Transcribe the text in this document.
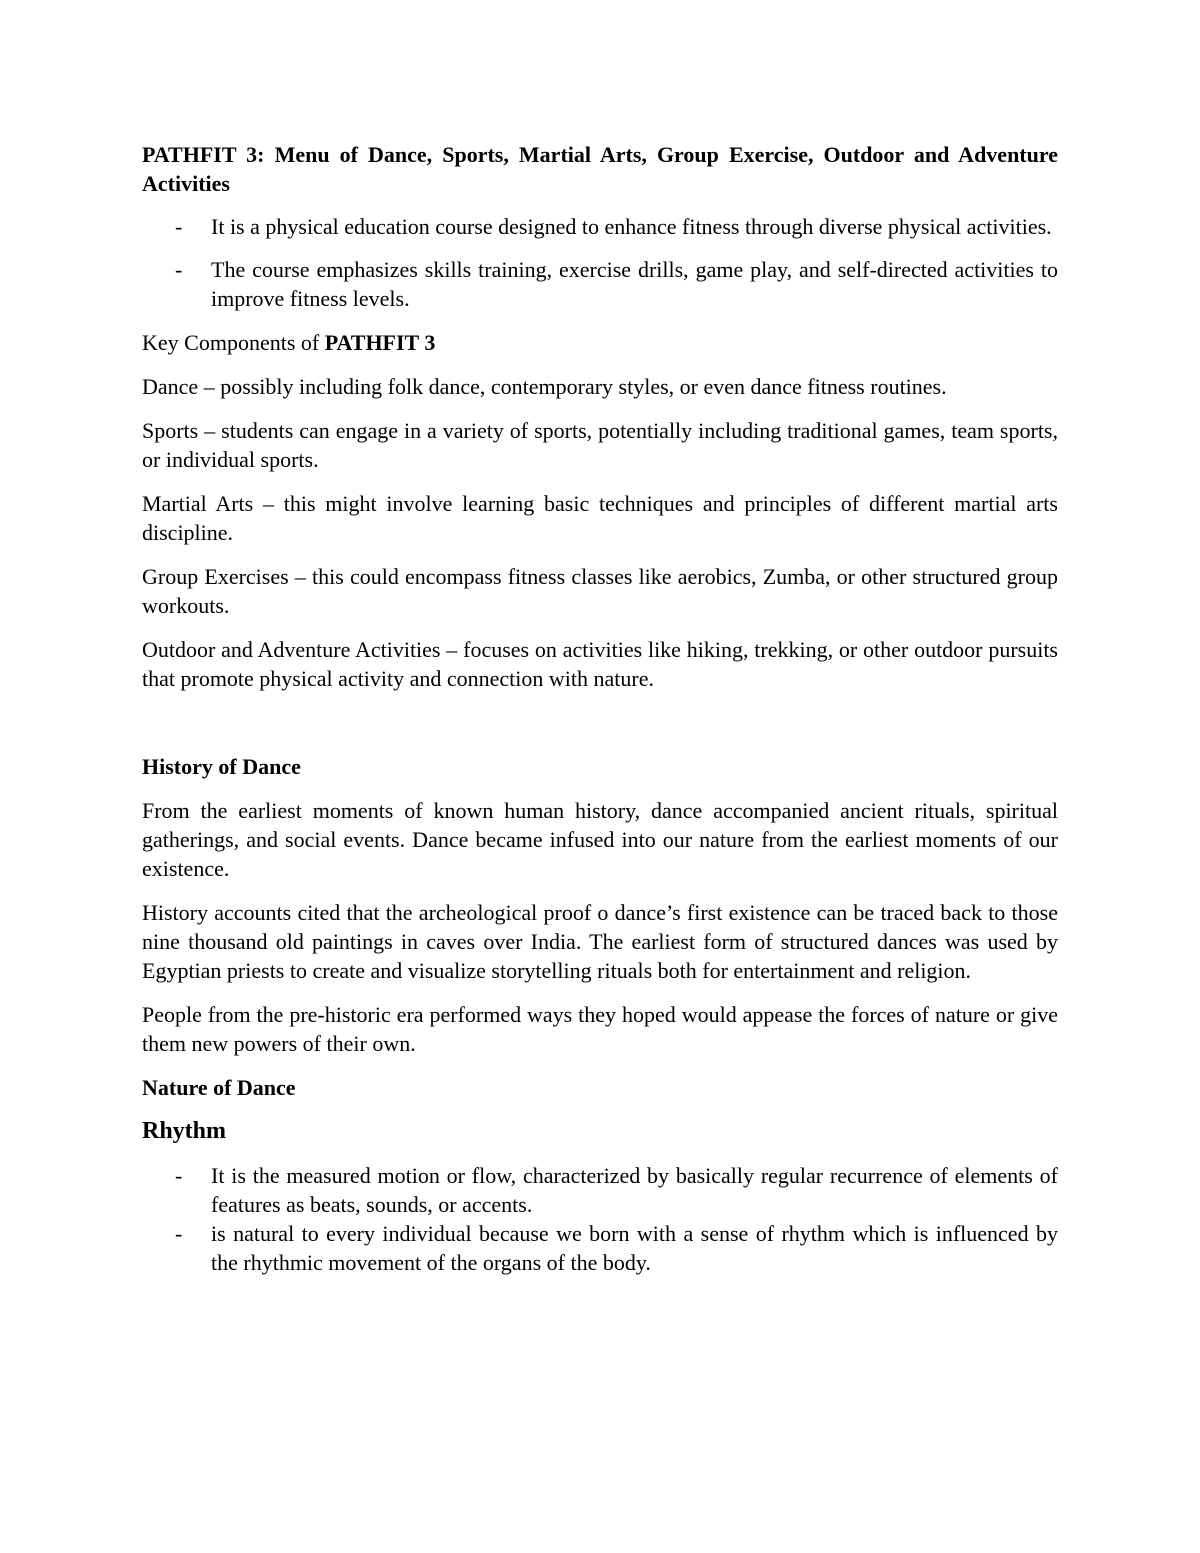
PATHFIT 3: Menu of Dance, Sports, Martial Arts, Group Exercise, Outdoor and Adventure Activities

- It is a physical education course designed to enhance fitness through diverse physical activities.
- The course emphasizes skills training, exercise drills, game play, and self-directed activities to improve fitness levels.

Key Components of PATHFIT 3

Dance – possibly including folk dance, contemporary styles, or even dance fitness routines.

Sports – students can engage in a variety of sports, potentially including traditional games, team sports, or individual sports.

Martial Arts – this might involve learning basic techniques and principles of different martial arts discipline.

Group Exercises – this could encompass fitness classes like aerobics, Zumba, or other structured group workouts.

Outdoor and Adventure Activities – focuses on activities like hiking, trekking, or other outdoor pursuits that promote physical activity and connection with nature.

History of Dance

From the earliest moments of known human history, dance accompanied ancient rituals, spiritual gatherings, and social events. Dance became infused into our nature from the earliest moments of our existence.

History accounts cited that the archeological proof o dance’s first existence can be traced back to those nine thousand old paintings in caves over India. The earliest form of structured dances was used by Egyptian priests to create and visualize storytelling rituals both for entertainment and religion.

People from the pre-historic era performed ways they hoped would appease the forces of nature or give them new powers of their own.

Nature of Dance

Rhythm

- It is the measured motion or flow, characterized by basically regular recurrence of elements of features as beats, sounds, or accents.
- is natural to every individual because we born with a sense of rhythm which is influenced by the rhythmic movement of the organs of the body.
